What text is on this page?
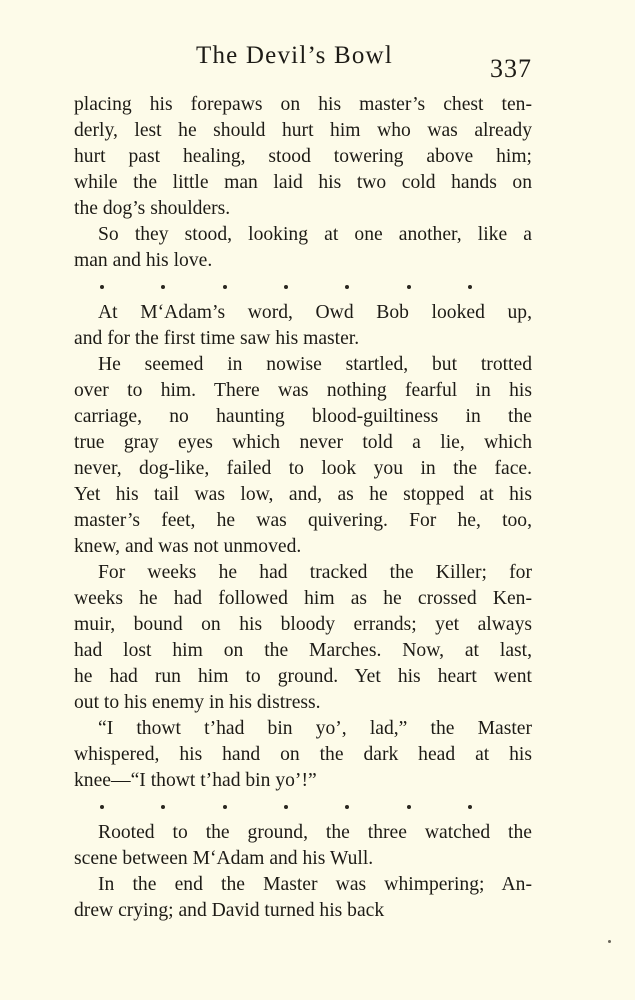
The Devil’s Bowl	337
placing his forepaws on his master’s chest ten-
derly, lest he should hurt him who was already
hurt past healing, stood towering above him;
while the little man laid his two cold hands on
the dog’s shoulders.
So they stood, looking at one another, like a
man and his love.
At M‘Adam’s word, Owd Bob looked up,
and for the first time saw his master.
He seemed in nowise startled, but trotted
over to him. There was nothing fearful in his
carriage, no haunting blood-guiltiness in the
true gray eyes which never told a lie, which
never, dog-like, failed to look you in the face.
Yet his tail was low, and, as he stopped at his
master’s feet, he was quivering. For he, too,
knew, and was not unmoved.
For weeks he had tracked the Killer; for
weeks he had followed him as he crossed Ken-
muir, bound on his bloody errands; yet always
had lost him on the Marches. Now, at last,
he had run him to ground. Yet his heart went
out to his enemy in his distress.
“I thowt t’had bin yo’, lad,” the Master
whispered, his hand on the dark head at his
knee—“I thowt t’had bin yo’!”
Rooted to the ground, the three watched the
scene between M‘Adam and his Wull.
In the end the Master was whimpering; An-
drew crying; and David turned his back
